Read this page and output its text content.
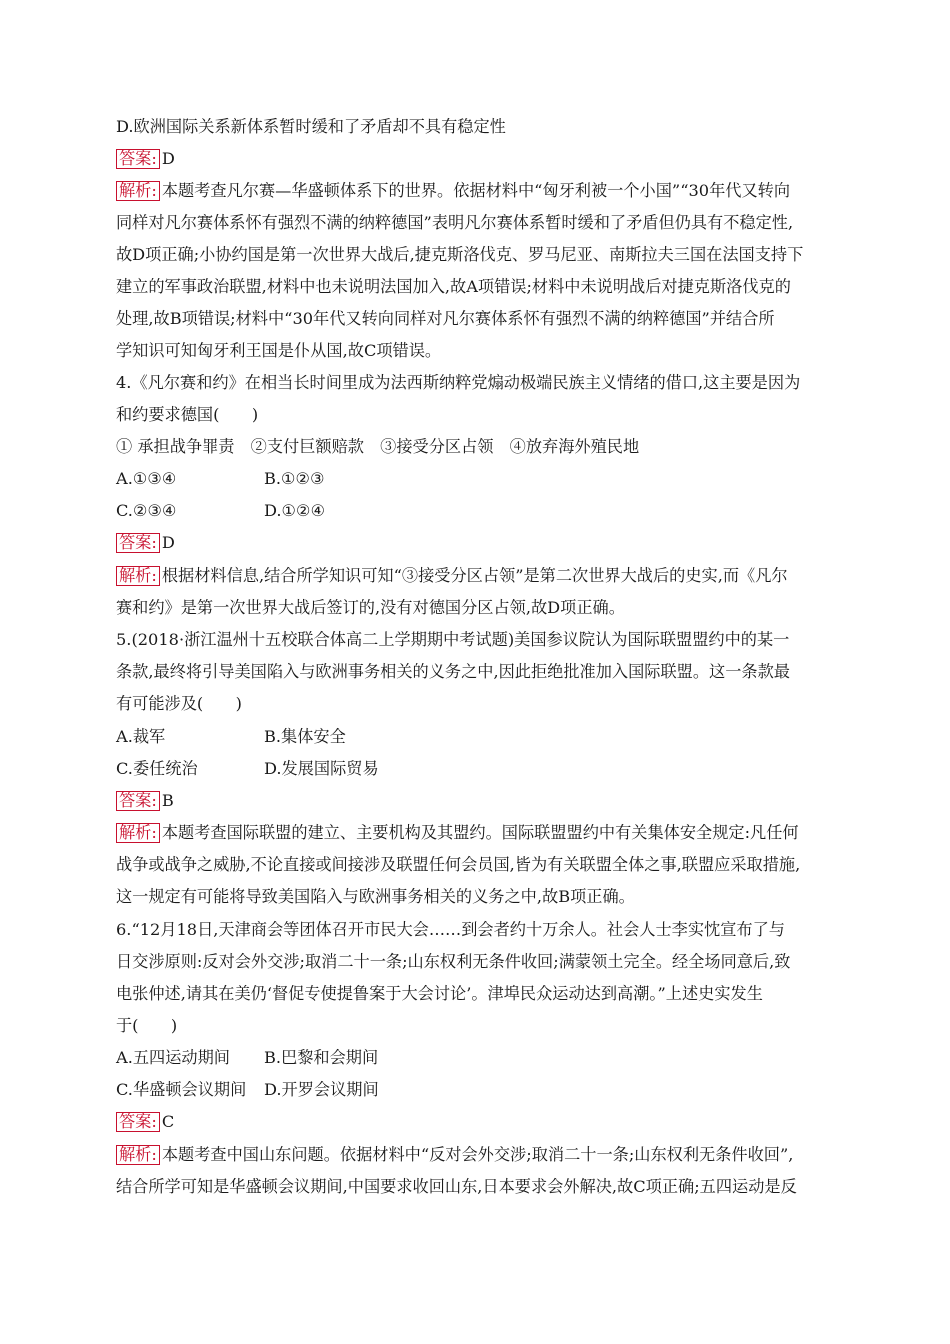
D.欧洲国际关系新体系暂时缓和了矛盾却不具有稳定性
答案: D
解析: 本题考查凡尔赛—华盛顿体系下的世界。依据材料中“匈牙利被一个小国”“30年代又转向
同样对凡尔赛体系怀有强烈不满的纳粹德国”表明凡尔赛体系暂时缓和了矛盾但仍具有不稳定性,
故D项正确;小协约国是第一次世界大战后,捷克斯洛伐克、罗马尼亚、南斯拉夫三国在法国支持下
建立的军事政治联盟,材料中也未说明法国加入,故A项错误;材料中未说明战后对捷克斯洛伐克的
处理,故B项错误;材料中“30年代又转向同样对凡尔赛体系怀有强烈不满的纳粹德国”并结合所
学知识可知匈牙利王国是仆从国,故C项错误。
4.《凡尔赛和约》在相当长时间里成为法西斯纳粹党煽动极端民族主义情绪的借口,这主要是因为
和约要求德国(　　)
① 承担战争罪责　②支付巨额赔款　③接受分区占领　④放弃海外殖民地
A.①③④	B.①②③
C.②③④	D.①②④
答案: D
解析: 根据材料信息,结合所学知识可知“③接受分区占领”是第二次世界大战后的史实,而《凡尔
赛和约》是第一次世界大战后签订的,没有对德国分区占领,故D项正确。
5.(2018·浙江温州十五校联合体高二上学期期中考试题)美国参议院认为国际联盟盟约中的某一
条款,最终将引导美国陷入与欧洲事务相关的义务之中,因此拒绝批准加入国际联盟。这一条款最
有可能涉及(　　)
A.裁军	B.集体安全
C.委任统治	D.发展国际贸易
答案: B
解析: 本题考查国际联盟的建立、主要机构及其盟约。国际联盟盟约中有关集体安全规定:凡任何
战争或战争之威胁,不论直接或间接涉及联盟任何会员国,皆为有关联盟全体之事,联盟应采取措施,
这一规定有可能将导致美国陷入与欧洲事务相关的义务之中,故B项正确。
6.“12月18日,天津商会等团体召开市民大会……到会者约十万余人。社会人士李实忱宣布了与
日交涉原则:反对会外交涉;取消二十一条;山东权利无条件收回;满蒙领土完全。经全场同意后,致
电张仲述,请其在美仍‘督促专使提鲁案于大会讨论’。津埠民众运动达到高潮。”上述史实发生
于(　　)
A.五四运动期间 B.巴黎和会期间
C.华盛顿会议期间 D.开罗会议期间
答案: C
解析: 本题考查中国山东问题。依据材料中“反对会外交涉;取消二十一条;山东权利无条件收回”,
结合所学可知是华盛顿会议期间,中国要求收回山东,日本要求会外解决,故C项正确;五四运动是反
